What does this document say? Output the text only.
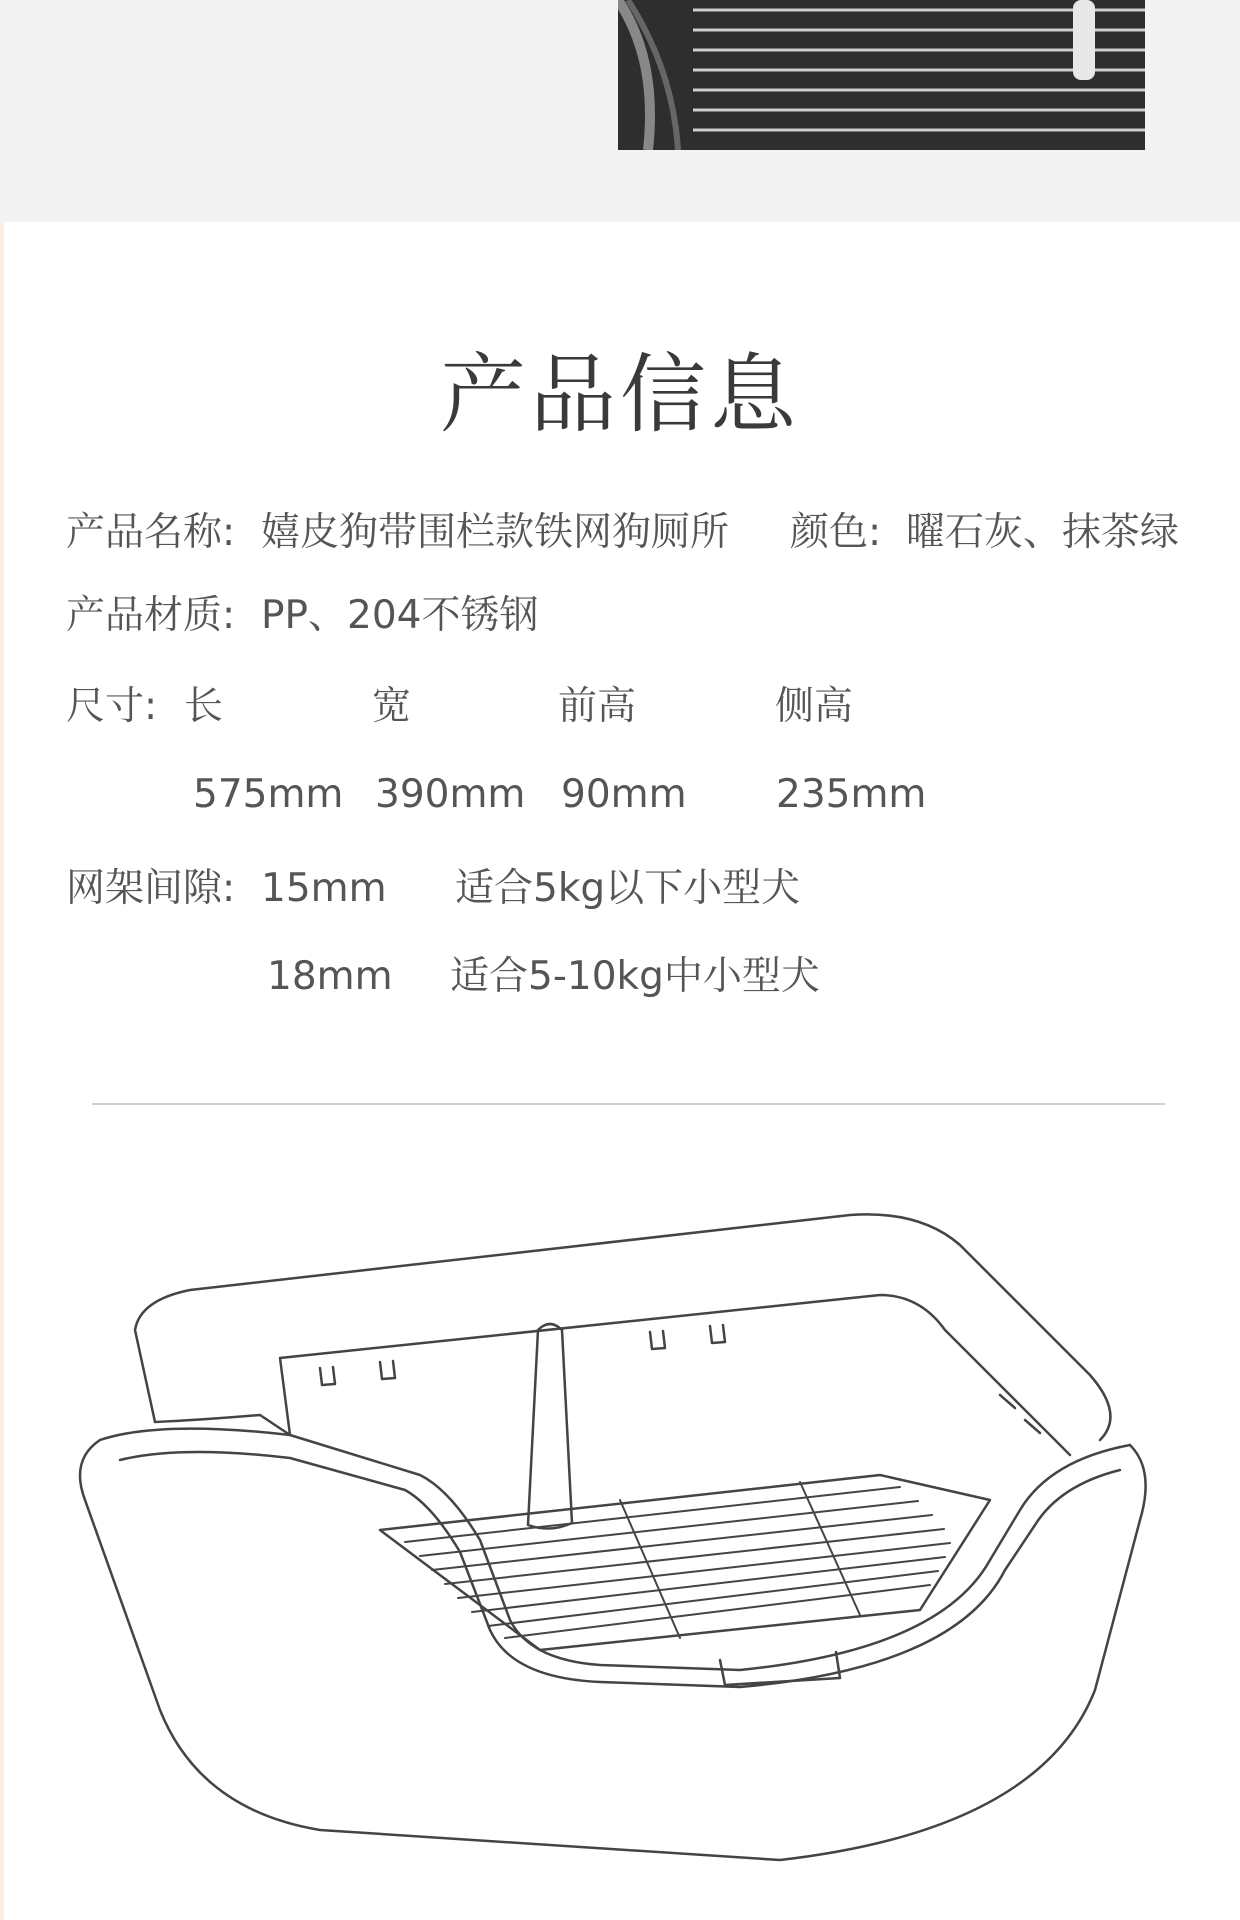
产品信息
产品名称: 嬉皮狗带围栏款铁网狗厕所 颜色: 曜石灰、抹茶绿
产品材质: PP、204不锈钢
尺寸: 长	宽	前高	侧高
575mm 390mm 90mm 235mm
网架间隙: 15mm 适合5kg以下小型犬
18mm 适合5-10kg中小型犬
